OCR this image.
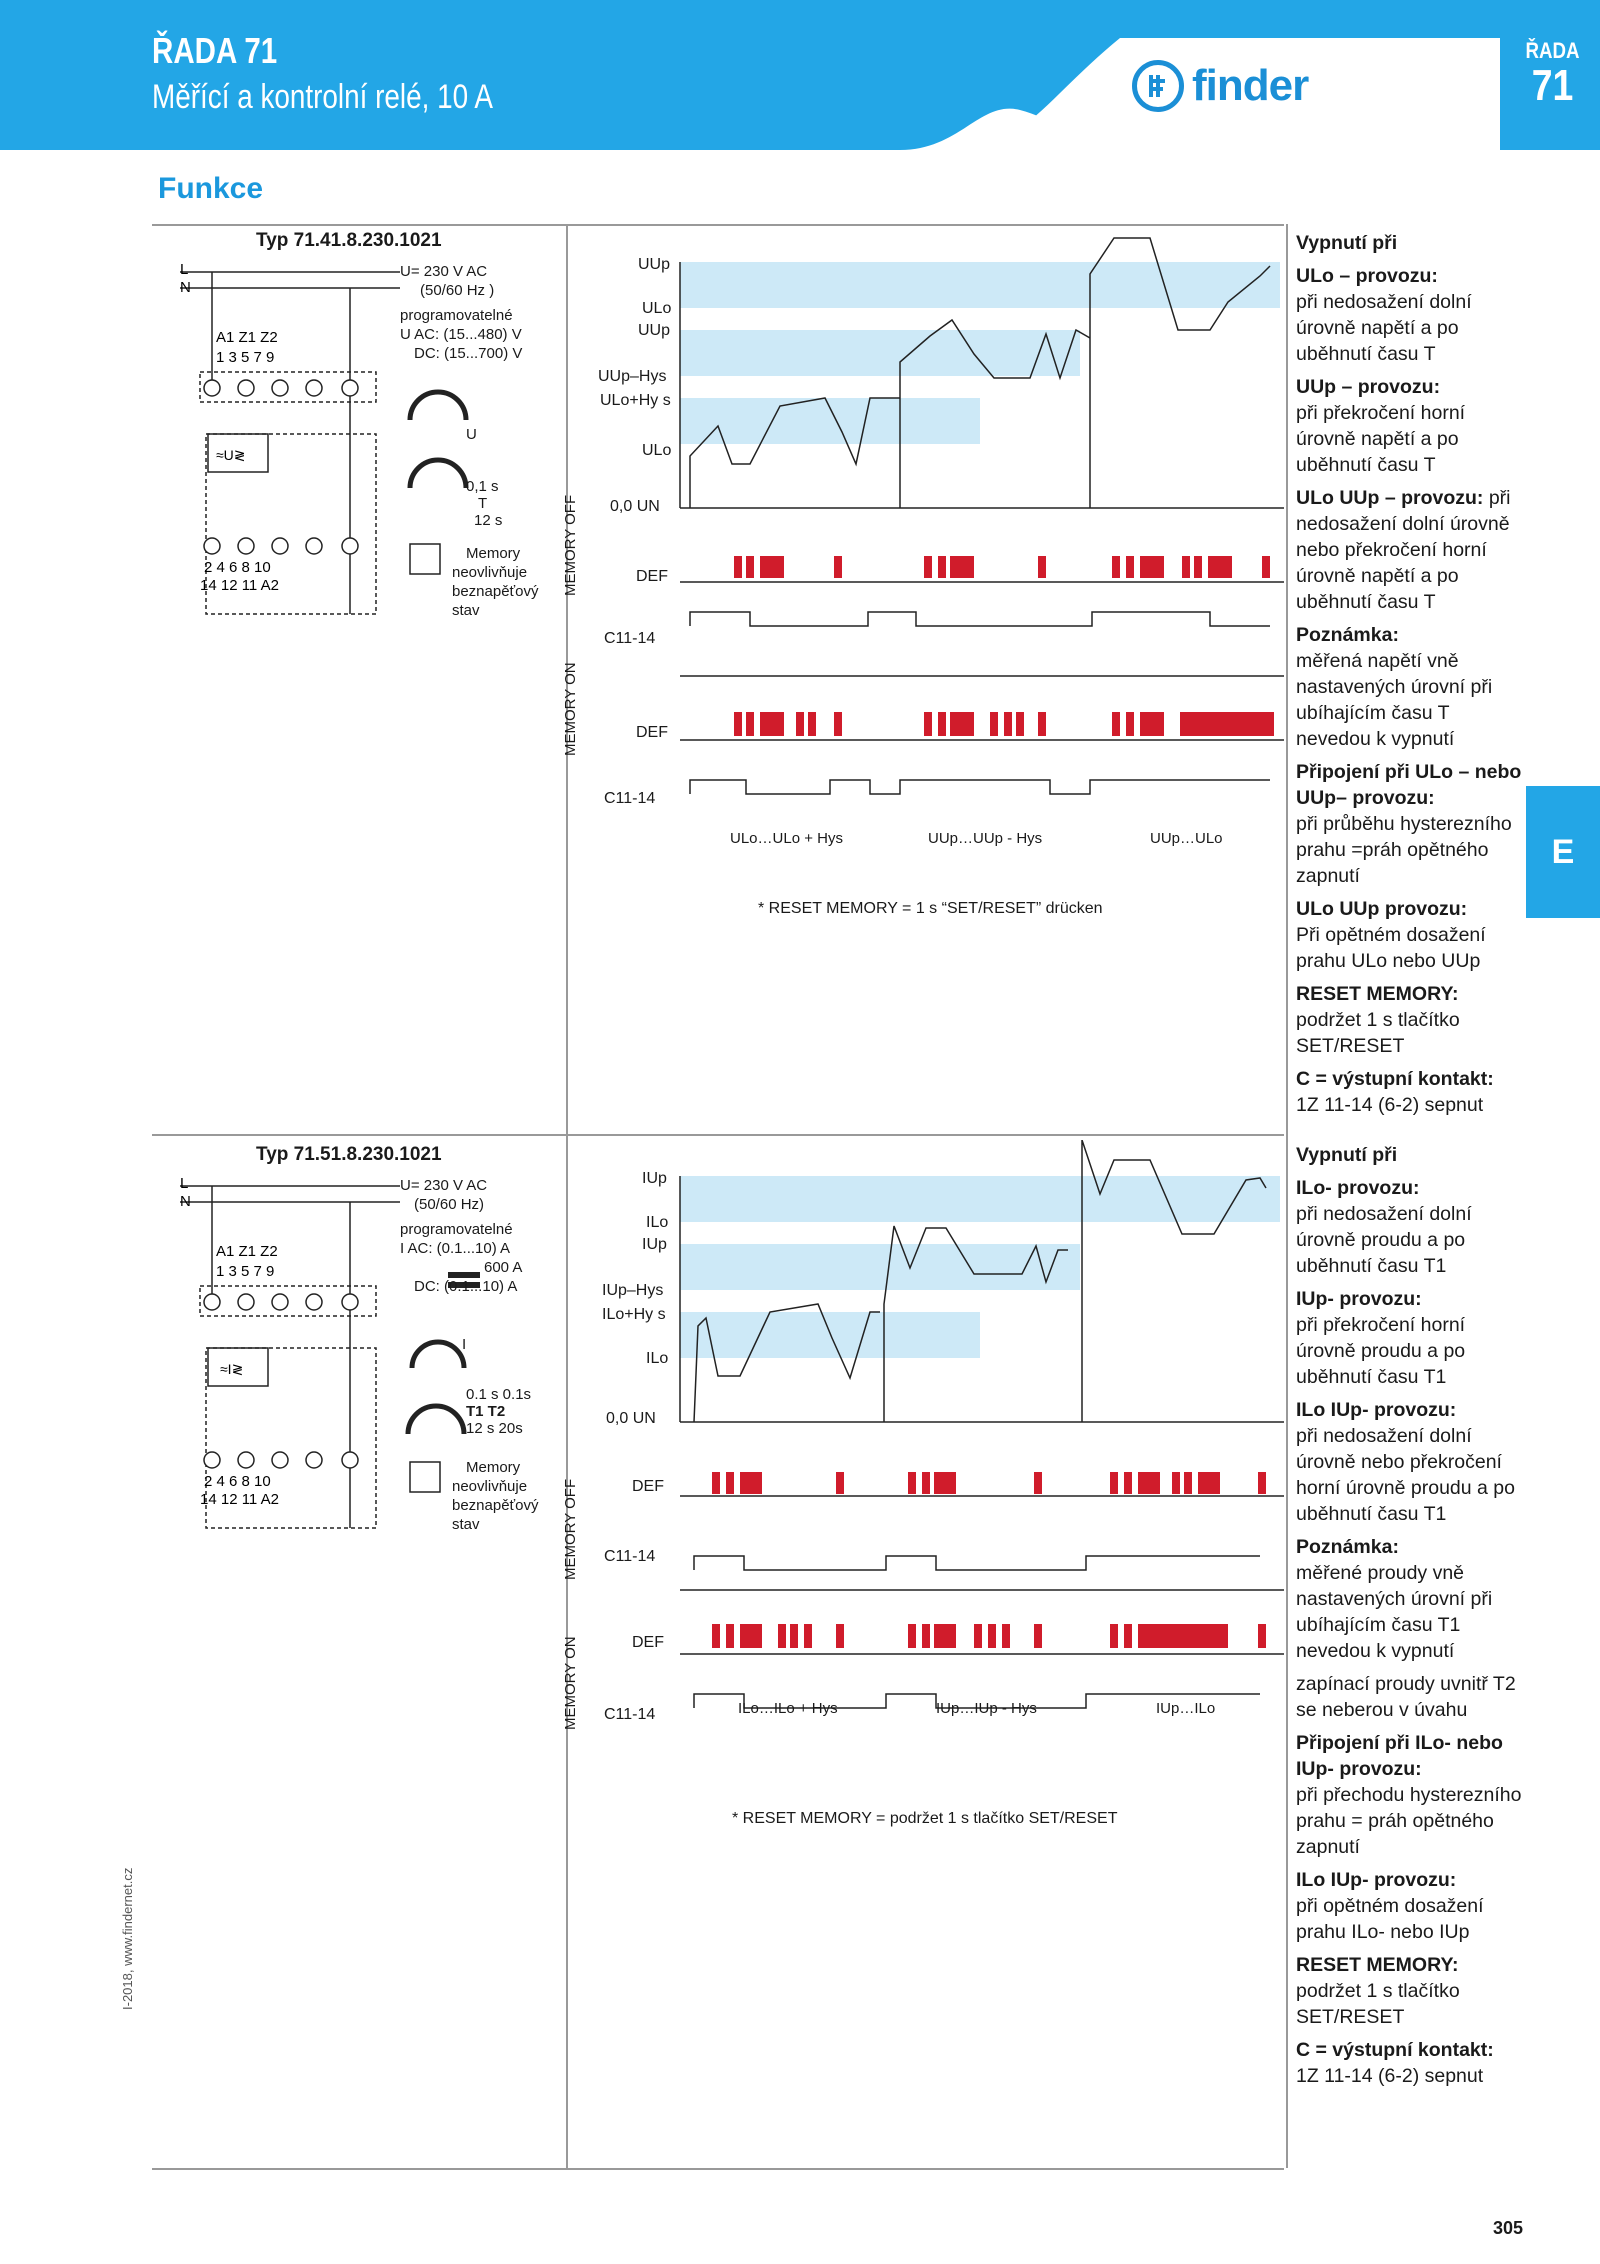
ŘADA 71
Měřící a kontrolní relé, 10 A	finder
ŘADA
71
Funkce
E
Typ 71.41.8.230.1021
L
N
≈U≷
A1 Z1 Z2
1 3 5 7 9
2 4 6 8 10
14 12 11 A2
U= 230 V AC
(50/60 Hz )
programovatelné
U AC: (15...480) V
DC: (15...700) V
U
0,1 s
T
12 s
Memory
neovlivňuje
beznapěťový
stav
UUp
ULo
UUp
UUp–Hys
ULo+Hy s
ULo
0,0 UN
DEF
C11-14
DEF
C11-14
MEMORY OFF
MEMORY ON
ULo…ULo + Hys	UUp…UUp - Hys	UUp…ULo
* RESET MEMORY = 1 s “SET/RESET” drücken
Typ 71.51.8.230.1021
L
N
≈I≷
A1 Z1 Z2
1 3 5 7 9
2 4 6 8 10
14 12 11 A2
U= 230 V AC
(50/60 Hz)
programovatelné
I AC: (0.1...10) A
600 A
DC: (0.1...10) A
I
0.1 s 0.1s
T1 T2
12 s 20s
Memory
neovlivňuje
beznapěťový
stav
IUp
ILo
IUp
IUp–Hys
ILo+Hy s
ILo
0,0 UN
DEF
C11-14
DEF
C11-14
MEMORY OFF
MEMORY ON	ILo…ILo + Hys	IUp…IUp - Hys	IUp…ILo
* RESET MEMORY = podržet 1 s tlačítko SET/RESET

Vypnutí při

ULo – provozu:
při nedosažení dolní úrovně napětí a po uběhnutí času T

UUp – provozu:
při překročení horní úrovně napětí a po uběhnutí času T

ULo UUp – provozu: při nedosažení dolní úrovně nebo překročení horní úrovně napětí a po uběhnutí času T

Poznámka:
měřená napětí vně nastavených úrovní při ubíhajícím času T nevedou k vypnutí

Připojení při ULo – nebo UUp– provozu:
při průběhu hysterezního prahu =práh opětného zapnutí

ULo UUp provozu:
Při opětném dosažení prahu ULo nebo UUp

RESET MEMORY:
podržet 1 s tlačítko SET/RESET

C = výstupní kontakt:
1Z 11-14 (6-2) sepnut

Vypnutí při

ILo- provozu:
při nedosažení dolní úrovně proudu a po uběhnutí času T1

IUp- provozu:
při překročení horní úrovně proudu a po uběhnutí času T1

ILo IUp- provozu:
při nedosažení dolní úrovně nebo překročení horní úrovně proudu a po uběhnutí času T1

Poznámka:
měřené proudy vně nastavených úrovní při ubíhajícím času T1 nevedou k vypnutí

zapínací proudy uvnitř T2 se neberou v úvahu

Připojení při ILo- nebo IUp- provozu:
při přechodu hysterezního prahu = práh opětného zapnutí

ILo IUp- provozu:
při opětném dosažení prahu ILo- nebo IUp

RESET MEMORY:
podržet 1 s tlačítko SET/RESET

C = výstupní kontakt:
1Z 11-14 (6-2) sepnut

I-2018, www.findernet.cz
305
